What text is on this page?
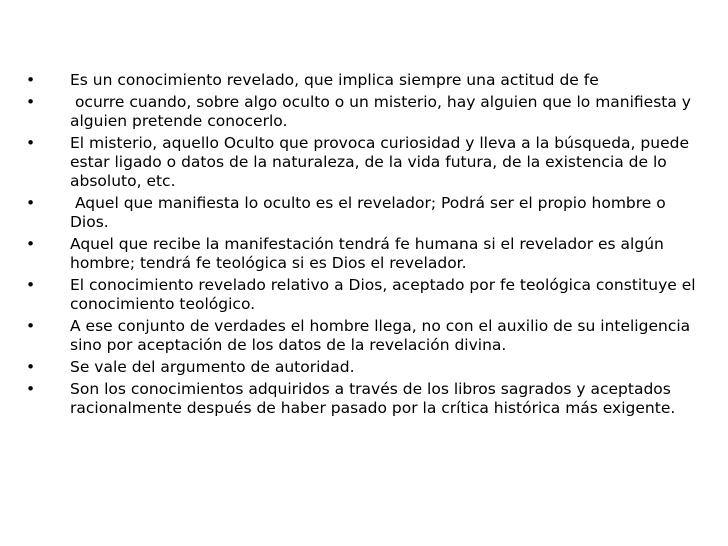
•	Es un conocimiento revelado, que implica siempre una actitud de fe
•	ocurre cuando, sobre algo oculto o un misterio, hay alguien que lo manifiesta y alguien pretende conocerlo.
•	El misterio, aquello Oculto que provoca curiosidad y lleva a la búsqueda, puede estar ligado o datos de la naturaleza, de la vida futura, de la existencia de lo absoluto, etc.
•	Aquel que manifiesta lo oculto es el revelador; Podrá ser el propio hombre o Dios.
•	Aquel que recibe la manifestación tendrá fe humana si el revelador es algún hombre; tendrá fe teológica si es Dios el revelador.
•	El conocimiento revelado relativo a Dios, aceptado por fe teológica constituye el conocimiento teológico.
•	A ese conjunto de verdades el hombre llega, no con el auxilio de su inteligencia sino por aceptación de los datos de la revelación divina.
•	Se vale del argumento de autoridad.
•	Son los conocimientos adquiridos a través de los libros sagrados y aceptados racionalmente después de haber pasado por la crítica histórica más exigente.
